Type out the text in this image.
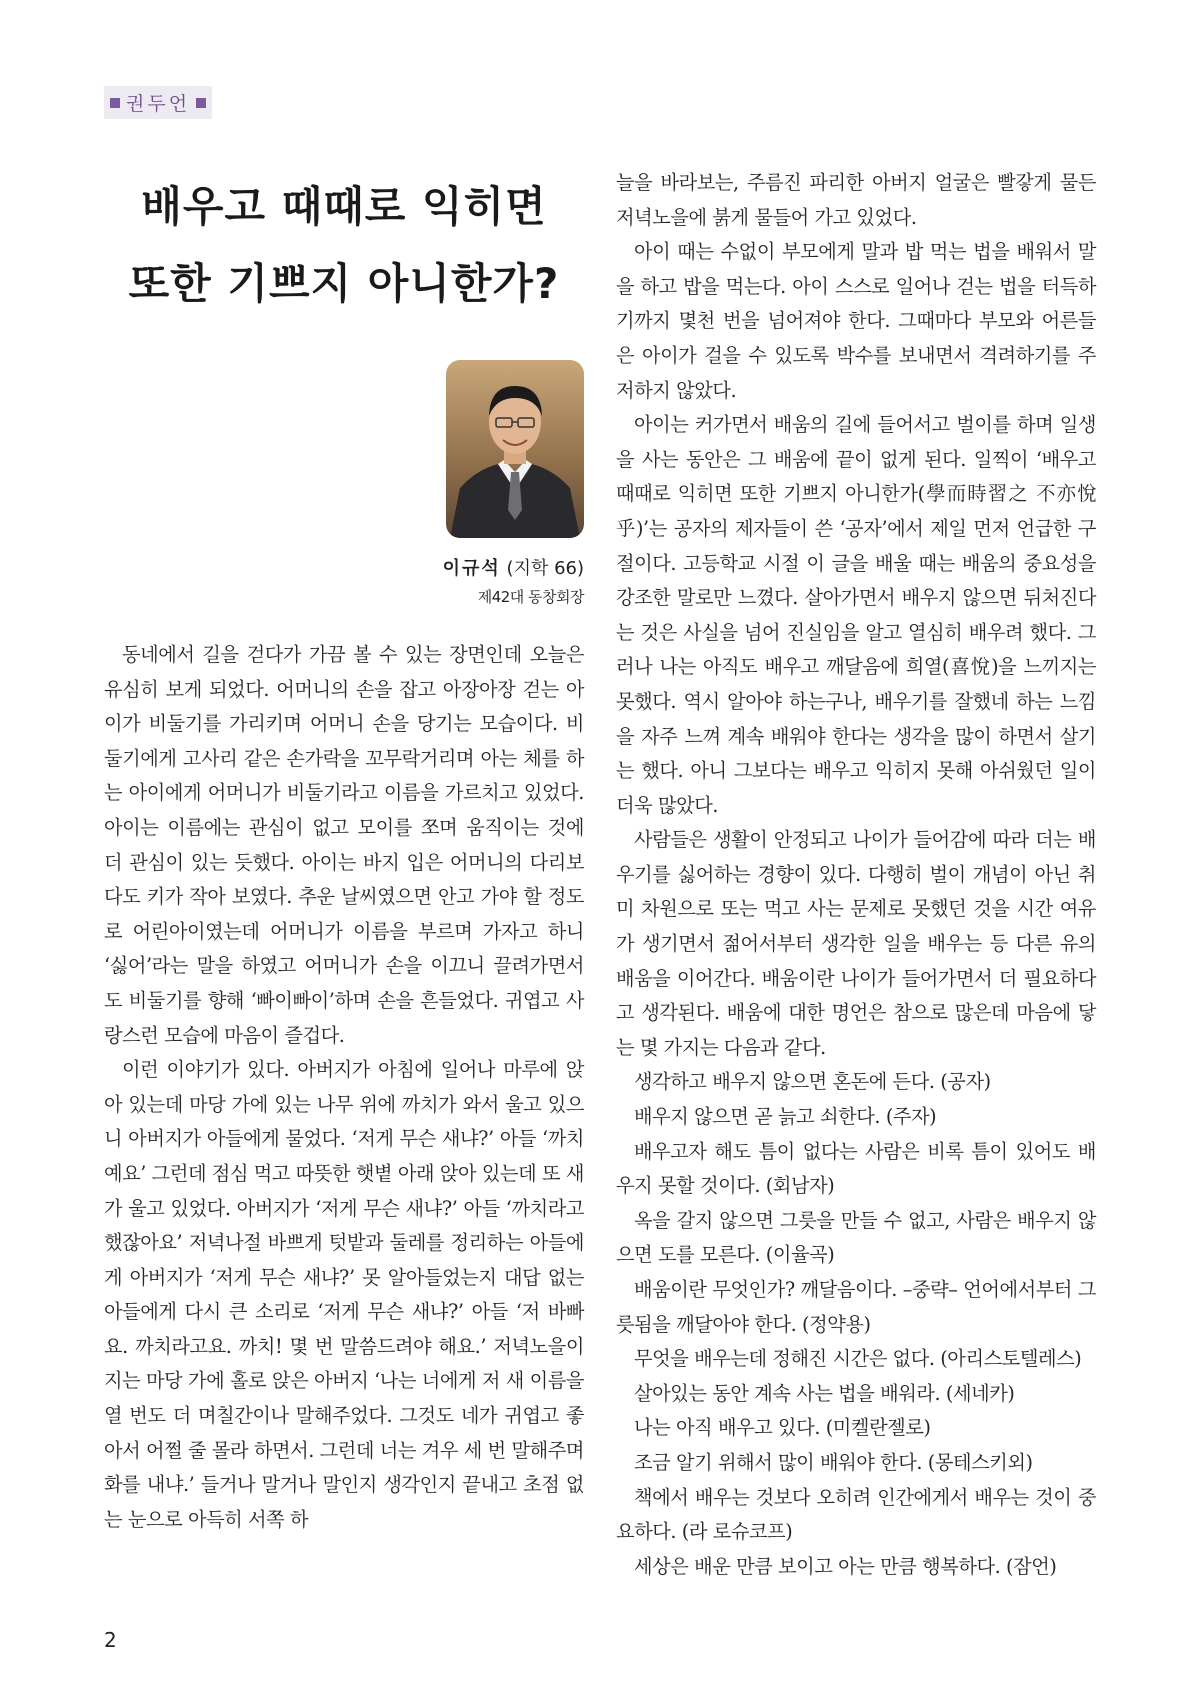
권두언
배우고 때때로 익히면
또한 기쁘지 아니한가?
이규석 (지학 66)
제42대 동창회장

동네에서 길을 걷다가 가끔 볼 수 있는 장면인데 오늘은 유심히 보게 되었다. 어머니의 손을 잡고 아장아장 걷는 아이가 비둘기를 가리키며 어머니 손을 당기는 모습이다. 비둘기에게 고사리 같은 손가락을 꼬무락거리며 아는 체를 하는 아이에게 어머니가 비둘기라고 이름을 가르치고 있었다. 아이는 이름에는 관심이 없고 모이를 쪼며 움직이는 것에 더 관심이 있는 듯했다. 아이는 바지 입은 어머니의 다리보다도 키가 작아 보였다. 추운 날씨였으면 안고 가야 할 정도로 어린아이였는데 어머니가 이름을 부르며 가자고 하니 ‘싫어’라는 말을 하였고 어머니가 손을 이끄니 끌려가면서도 비둘기를 향해 ‘빠이빠이’하며 손을 흔들었다. 귀엽고 사랑스런 모습에 마음이 즐겁다.

이런 이야기가 있다. 아버지가 아침에 일어나 마루에 앉아 있는데 마당 가에 있는 나무 위에 까치가 와서 울고 있으니 아버지가 아들에게 물었다. ‘저게 무슨 새냐?’ 아들 ‘까치예요’ 그런데 점심 먹고 따뜻한 햇볕 아래 앉아 있는데 또 새가 울고 있었다. 아버지가 ‘저게 무슨 새냐?’ 아들 ‘까치라고 했잖아요’ 저녁나절 바쁘게 텃밭과 둘레를 정리하는 아들에게 아버지가 ‘저게 무슨 새냐?’ 못 알아들었는지 대답 없는 아들에게 다시 큰 소리로 ‘저게 무슨 새냐?’ 아들 ‘저 바빠요. 까치라고요. 까치! 몇 번 말씀드려야 해요.’ 저녁노을이 지는 마당 가에 홀로 앉은 아버지 ‘나는 너에게 저 새 이름을 열 번도 더 며칠간이나 말해주었다. 그것도 네가 귀엽고 좋아서 어쩔 줄 몰라 하면서. 그런데 너는 겨우 세 번 말해주며 화를 내냐.’ 들거나 말거나 말인지 생각인지 끝내고 초점 없는 눈으로 아득히 서쪽 하

늘을 바라보는, 주름진 파리한 아버지 얼굴은 빨갛게 물든 저녁노을에 붉게 물들어 가고 있었다.

아이 때는 수없이 부모에게 말과 밥 먹는 법을 배워서 말을 하고 밥을 먹는다. 아이 스스로 일어나 걷는 법을 터득하기까지 몇천 번을 넘어져야 한다. 그때마다 부모와 어른들은 아이가 걸을 수 있도록 박수를 보내면서 격려하기를 주저하지 않았다.

아이는 커가면서 배움의 길에 들어서고 벌이를 하며 일생을 사는 동안은 그 배움에 끝이 없게 된다. 일찍이 ‘배우고 때때로 익히면 또한 기쁘지 아니한가(學而時習之 不亦悅乎)’는 공자의 제자들이 쓴 ‘공자’에서 제일 먼저 언급한 구절이다. 고등학교 시절 이 글을 배울 때는 배움의 중요성을 강조한 말로만 느꼈다. 살아가면서 배우지 않으면 뒤처진다는 것은 사실을 넘어 진실임을 알고 열심히 배우려 했다. 그러나 나는 아직도 배우고 깨달음에 희열(喜悅)을 느끼지는 못했다. 역시 알아야 하는구나, 배우기를 잘했네 하는 느낌을 자주 느껴 계속 배워야 한다는 생각을 많이 하면서 살기는 했다. 아니 그보다는 배우고 익히지 못해 아쉬웠던 일이 더욱 많았다.

사람들은 생활이 안정되고 나이가 들어감에 따라 더는 배우기를 싫어하는 경향이 있다. 다행히 벌이 개념이 아닌 취미 차원으로 또는 먹고 사는 문제로 못했던 것을 시간 여유가 생기면서 젊어서부터 생각한 일을 배우는 등 다른 유의 배움을 이어간다. 배움이란 나이가 들어가면서 더 필요하다고 생각된다. 배움에 대한 명언은 참으로 많은데 마음에 닿는 몇 가지는 다음과 같다.

생각하고 배우지 않으면 혼돈에 든다. (공자)

배우지 않으면 곧 늙고 쇠한다. (주자)

배우고자 해도 틈이 없다는 사람은 비록 틈이 있어도 배우지 못할 것이다. (회남자)

옥을 갈지 않으면 그릇을 만들 수 없고, 사람은 배우지 않으면 도를 모른다. (이율곡)

배움이란 무엇인가? 깨달음이다. –중략– 언어에서부터 그릇됨을 깨달아야 한다. (정약용)

무엇을 배우는데 정해진 시간은 없다. (아리스토텔레스)

살아있는 동안 계속 사는 법을 배워라. (세네카)

나는 아직 배우고 있다. (미켈란젤로)

조금 알기 위해서 많이 배워야 한다. (몽테스키외)

책에서 배우는 것보다 오히려 인간에게서 배우는 것이 중요하다. (라 로슈코프)

세상은 배운 만큼 보이고 아는 만큼 행복하다. (잠언)

2
